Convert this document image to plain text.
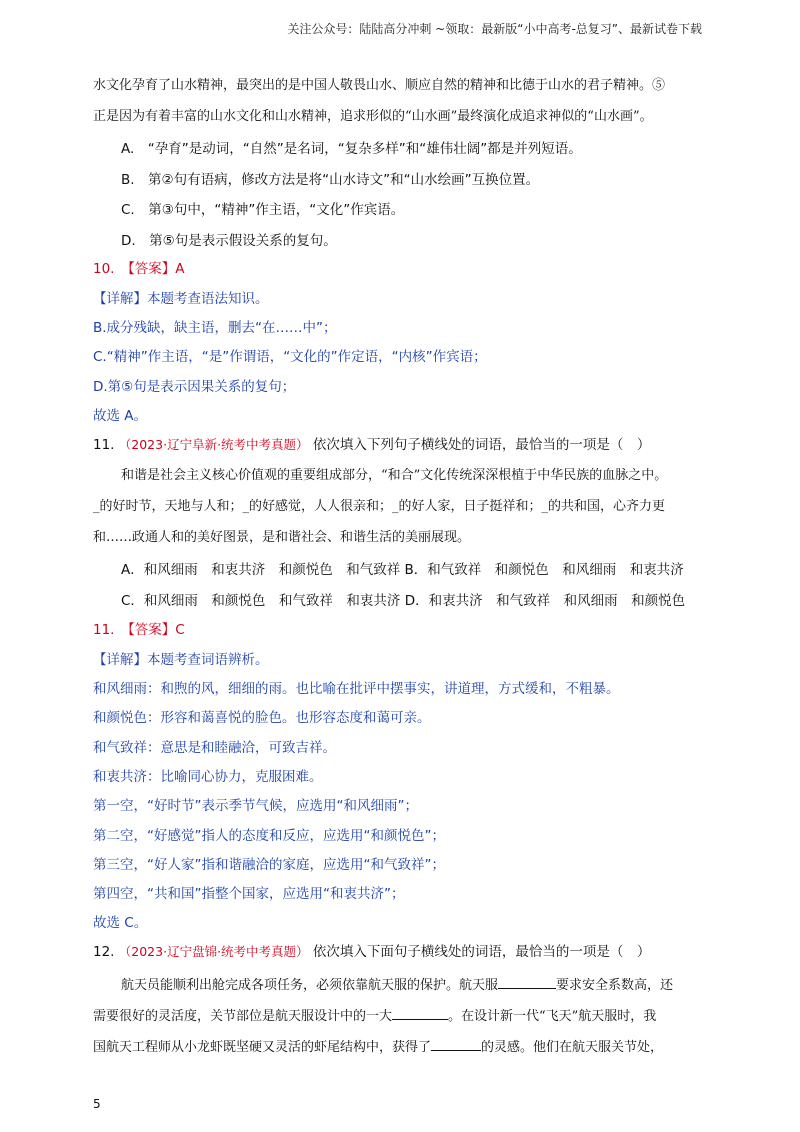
关注公众号：陆陆高分冲刺 ~领取：最新版“小中高考-总复习”、最新试卷下载
水文化孕育了山水精神，最突出的是中国人敬畏山水、顺应自然的精神和比德于山水的君子精神。⑤
正是因为有着丰富的山水文化和山水精神，追求形似的“山水画”最终演化成追求神似的“山水画”。
A.　“孕育”是动词，“自然”是名词，“复杂多样”和“雄伟壮阔”都是并列短语。
B.　第②句有语病，修改方法是将“山水诗文”和“山水绘画”互换位置。
C.　第③句中，“精神”作主语，“文化”作宾语。
D.　第⑤句是表示假设关系的复句。
10.　【答案】A
【详解】本题考查语法知识。
B.成分残缺，缺主语，删去“在……中”；
C.“精神”作主语，“是”作谓语，“文化的”作定语，“内核”作宾语；
D.第⑤句是表示因果关系的复句；
故选 A。
11. （2023·辽宁阜新·统考中考真题） 依次填入下列句子横线处的词语，最恰当的一项是（　）
和谐是社会主义核心价值观的重要组成部分，“和合”文化传统深深根植于中华民族的血脉之中。
_的好时节，天地与人和；_的好感觉，人人很亲和；_的好人家，日子挺祥和；_的共和国，心齐力更
和……政通人和的美好图景，是和谐社会、和谐生活的美丽展现。
A．和风细雨　和衷共济　和颜悦色　和气致祥 B．和气致祥　和颜悦色　和风细雨　和衷共济
C．和风细雨　和颜悦色　和气致祥　和衷共济 D．和衷共济　和气致祥　和风细雨　和颜悦色
11.　【答案】C
【详解】本题考查词语辨析。
和风细雨：和煦的风，细细的雨。也比喻在批评中摆事实，讲道理，方式缓和，不粗暴。
和颜悦色：形容和蔼喜悦的脸色。也形容态度和蔼可亲。
和气致祥：意思是和睦融洽，可致吉祥。
和衷共济：比喻同心协力，克服困难。
第一空，“好时节”表示季节气候，应选用“和风细雨”；
第二空，“好感觉”指人的态度和反应，应选用“和颜悦色”；
第三空，“好人家”指和谐融洽的家庭，应选用“和气致祥”；
第四空，“共和国”指整个国家，应选用“和衷共济”；
故选 C。
12. （2023·辽宁盘锦·统考中考真题） 依次填入下面句子横线处的词语，最恰当的一项是（　）
航天员能顺利出舱完成各项任务，必须依靠航天服的保护。航天服	要求安全系数高，还
需要很好的灵活度，关节部位是航天服设计中的一大	。在设计新一代“飞天”航天服时，我
国航天工程师从小龙虾既坚硬又灵活的虾尾结构中，获得了	的灵感。他们在航天服关节处，
5
